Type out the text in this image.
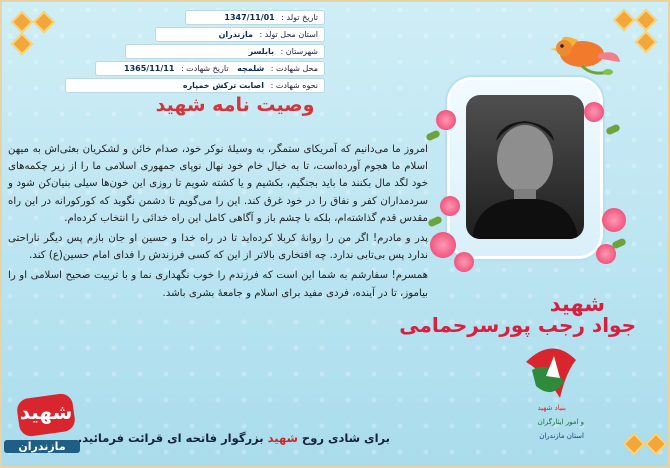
تاریخ تولد : 1347/11/01
استان محل تولد : مازندران
شهرستان : بابلسر
محل شهادت : شلمچه تاریخ شهادت : 1365/11/11
نحوه شهادت : اصابت ترکش خمپاره
وصیت نامه شهید

امروز ما می‌دانیم که آمریکای ستمگر، به وسیلۀ نوکر خود، صدام خائن و لشکریان بعثی‌اش به میهن اسلام ما هجوم آورده‌است، تا به خیال خام خود نهال نوپای جمهوری اسلامی ما را از زیر چکمه‌های خود لگد مال بکنند ما باید بجنگیم، بکشیم و یا کشته شویم تا روزی این خون‌ها سیلی بنیان‌کن شود و سردمداران کفر و نفاق را در خود غرق کند. این را می‌گویم تا دشمن نگوید که کورکورانه در این راه مقدس قدم گذاشته‌ام، بلکه با چشم باز و آگاهی کامل این راه خدائی را انتخاب کرده‌ام.

پدر و مادرم! اگر من را روانۀ کربلا کرده‌اید تا در راه خدا و حسین او جان بازم پس دیگر ناراحتی ندارد پس بی‌تابی ندارد. چه افتخاری بالاتر از این که کسی فرزندش را فدای امام حسین(ع) کند.

همسرم! سفارشم به شما این است که فرزندم را خوب نگهداری نما و با تربیت صحیح اسلامی او را بیاموز، تا در آینده، فردی مفید برای اسلام و جامعۀ بشری باشد.	شهید
جواد رجب پورسرحمامی
بنیاد شهید
و امور ایثارگران
استان مازندران
شهید
مازندران
برای شادی روح شهید بزرگوار فاتحه ای قرائت فرمائید.
